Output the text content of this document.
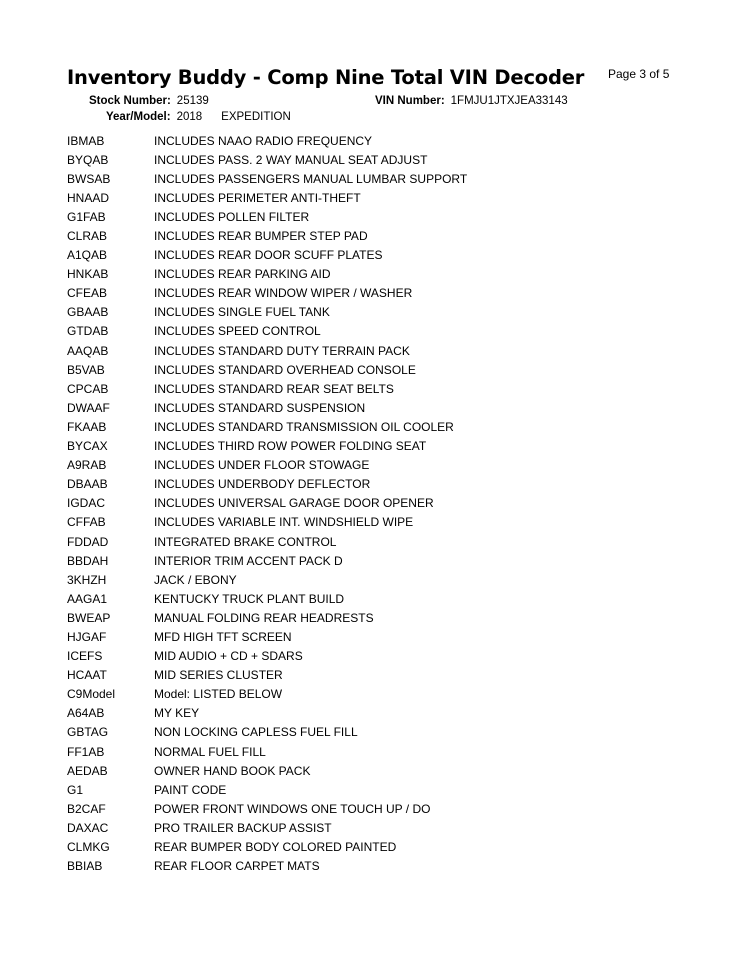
Page 3 of 5
Inventory Buddy - Comp Nine Total VIN Decoder
Stock Number: 25139	VIN Number: 1FMJU1JTXJEA33143
Year/Model: 2018 EXPEDITION
IBMAB	INCLUDES NAAO RADIO FREQUENCY
BYQAB	INCLUDES PASS. 2 WAY MANUAL SEAT ADJUST
BWSAB	INCLUDES PASSENGERS MANUAL LUMBAR SUPPORT
HNAAD	INCLUDES PERIMETER ANTI-THEFT
G1FAB	INCLUDES POLLEN FILTER
CLRAB	INCLUDES REAR BUMPER STEP PAD
A1QAB	INCLUDES REAR DOOR SCUFF PLATES
HNKAB	INCLUDES REAR PARKING AID
CFEAB	INCLUDES REAR WINDOW WIPER / WASHER
GBAAB	INCLUDES SINGLE FUEL TANK
GTDAB	INCLUDES SPEED CONTROL
AAQAB	INCLUDES STANDARD DUTY TERRAIN PACK
B5VAB	INCLUDES STANDARD OVERHEAD CONSOLE
CPCAB	INCLUDES STANDARD REAR SEAT BELTS
DWAAF	INCLUDES STANDARD SUSPENSION
FKAAB	INCLUDES STANDARD TRANSMISSION OIL COOLER
BYCAX	INCLUDES THIRD ROW POWER FOLDING SEAT
A9RAB	INCLUDES UNDER FLOOR STOWAGE
DBAAB	INCLUDES UNDERBODY DEFLECTOR
IGDAC	INCLUDES UNIVERSAL GARAGE DOOR OPENER
CFFAB	INCLUDES VARIABLE INT. WINDSHIELD WIPE
FDDAD	INTEGRATED BRAKE CONTROL
BBDAH	INTERIOR TRIM ACCENT PACK D
3KHZH	JACK / EBONY
AAGA1	KENTUCKY TRUCK PLANT BUILD
BWEAP	MANUAL FOLDING REAR HEADRESTS
HJGAF	MFD HIGH TFT SCREEN
ICEFS	MID AUDIO + CD + SDARS
HCAAT	MID SERIES CLUSTER
C9Model	Model: LISTED BELOW
A64AB	MY KEY
GBTAG	NON LOCKING CAPLESS FUEL FILL
FF1AB	NORMAL FUEL FILL
AEDAB	OWNER HAND BOOK PACK
G1	PAINT CODE
B2CAF	POWER FRONT WINDOWS ONE TOUCH UP / DO
DAXAC	PRO TRAILER BACKUP ASSIST
CLMKG	REAR BUMPER BODY COLORED PAINTED
BBIAB	REAR FLOOR CARPET MATS
